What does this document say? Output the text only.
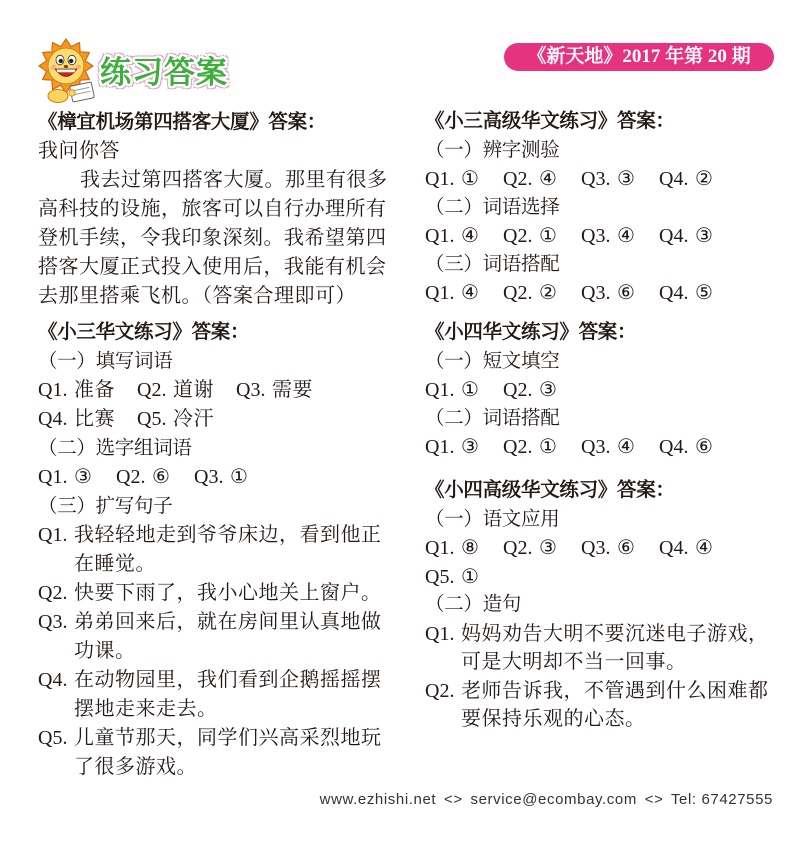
练习答案	《新天地》2017 年第 20 期
《樟宜机场第四搭客大厦》答案：
我问你答
我去过第四搭客大厦。那里有很多
高科技的设施，旅客可以自行办理所有
登机手续，令我印象深刻。我希望第四
搭客大厦正式投入使用后，我能有机会
去那里搭乘飞机。（答案合理即可）
《小三华文练习》答案：
（一）填写词语
Q1. 准备 Q2. 道谢 Q3. 需要
Q4. 比赛 Q5. 冷汗
（二）选字组词语
Q1. ③ Q2. ⑥ Q3. ①
（三）扩写句子
Q1. 我轻轻地走到爷爷床边，看到他正
在睡觉。
Q2. 快要下雨了，我小心地关上窗户。
Q3. 弟弟回来后，就在房间里认真地做
功课。
Q4. 在动物园里，我们看到企鹅摇摇摆
摆地走来走去。
Q5. 儿童节那天，同学们兴高采烈地玩
了很多游戏。
《小三高级华文练习》答案：
（一）辨字测验
Q1. ① Q2. ④ Q3. ③ Q4. ②
（二）词语选择
Q1. ④ Q2. ① Q3. ④ Q4. ③
（三）词语搭配
Q1. ④ Q2. ② Q3. ⑥ Q4. ⑤
《小四华文练习》答案：
（一）短文填空
Q1. ① Q2. ③
（二）词语搭配
Q1. ③ Q2. ① Q3. ④ Q4. ⑥
《小四高级华文练习》答案：
（一）语文应用
Q1. ⑧ Q2. ③ Q3. ⑥ Q4. ④
Q5. ①
（二）造句
Q1. 妈妈劝告大明不要沉迷电子游戏，
可是大明却不当一回事。
Q2. 老师告诉我，不管遇到什么困难都
要保持乐观的心态。
www.ezhishi.net <> service@ecombay.com <> Tel: 67427555
